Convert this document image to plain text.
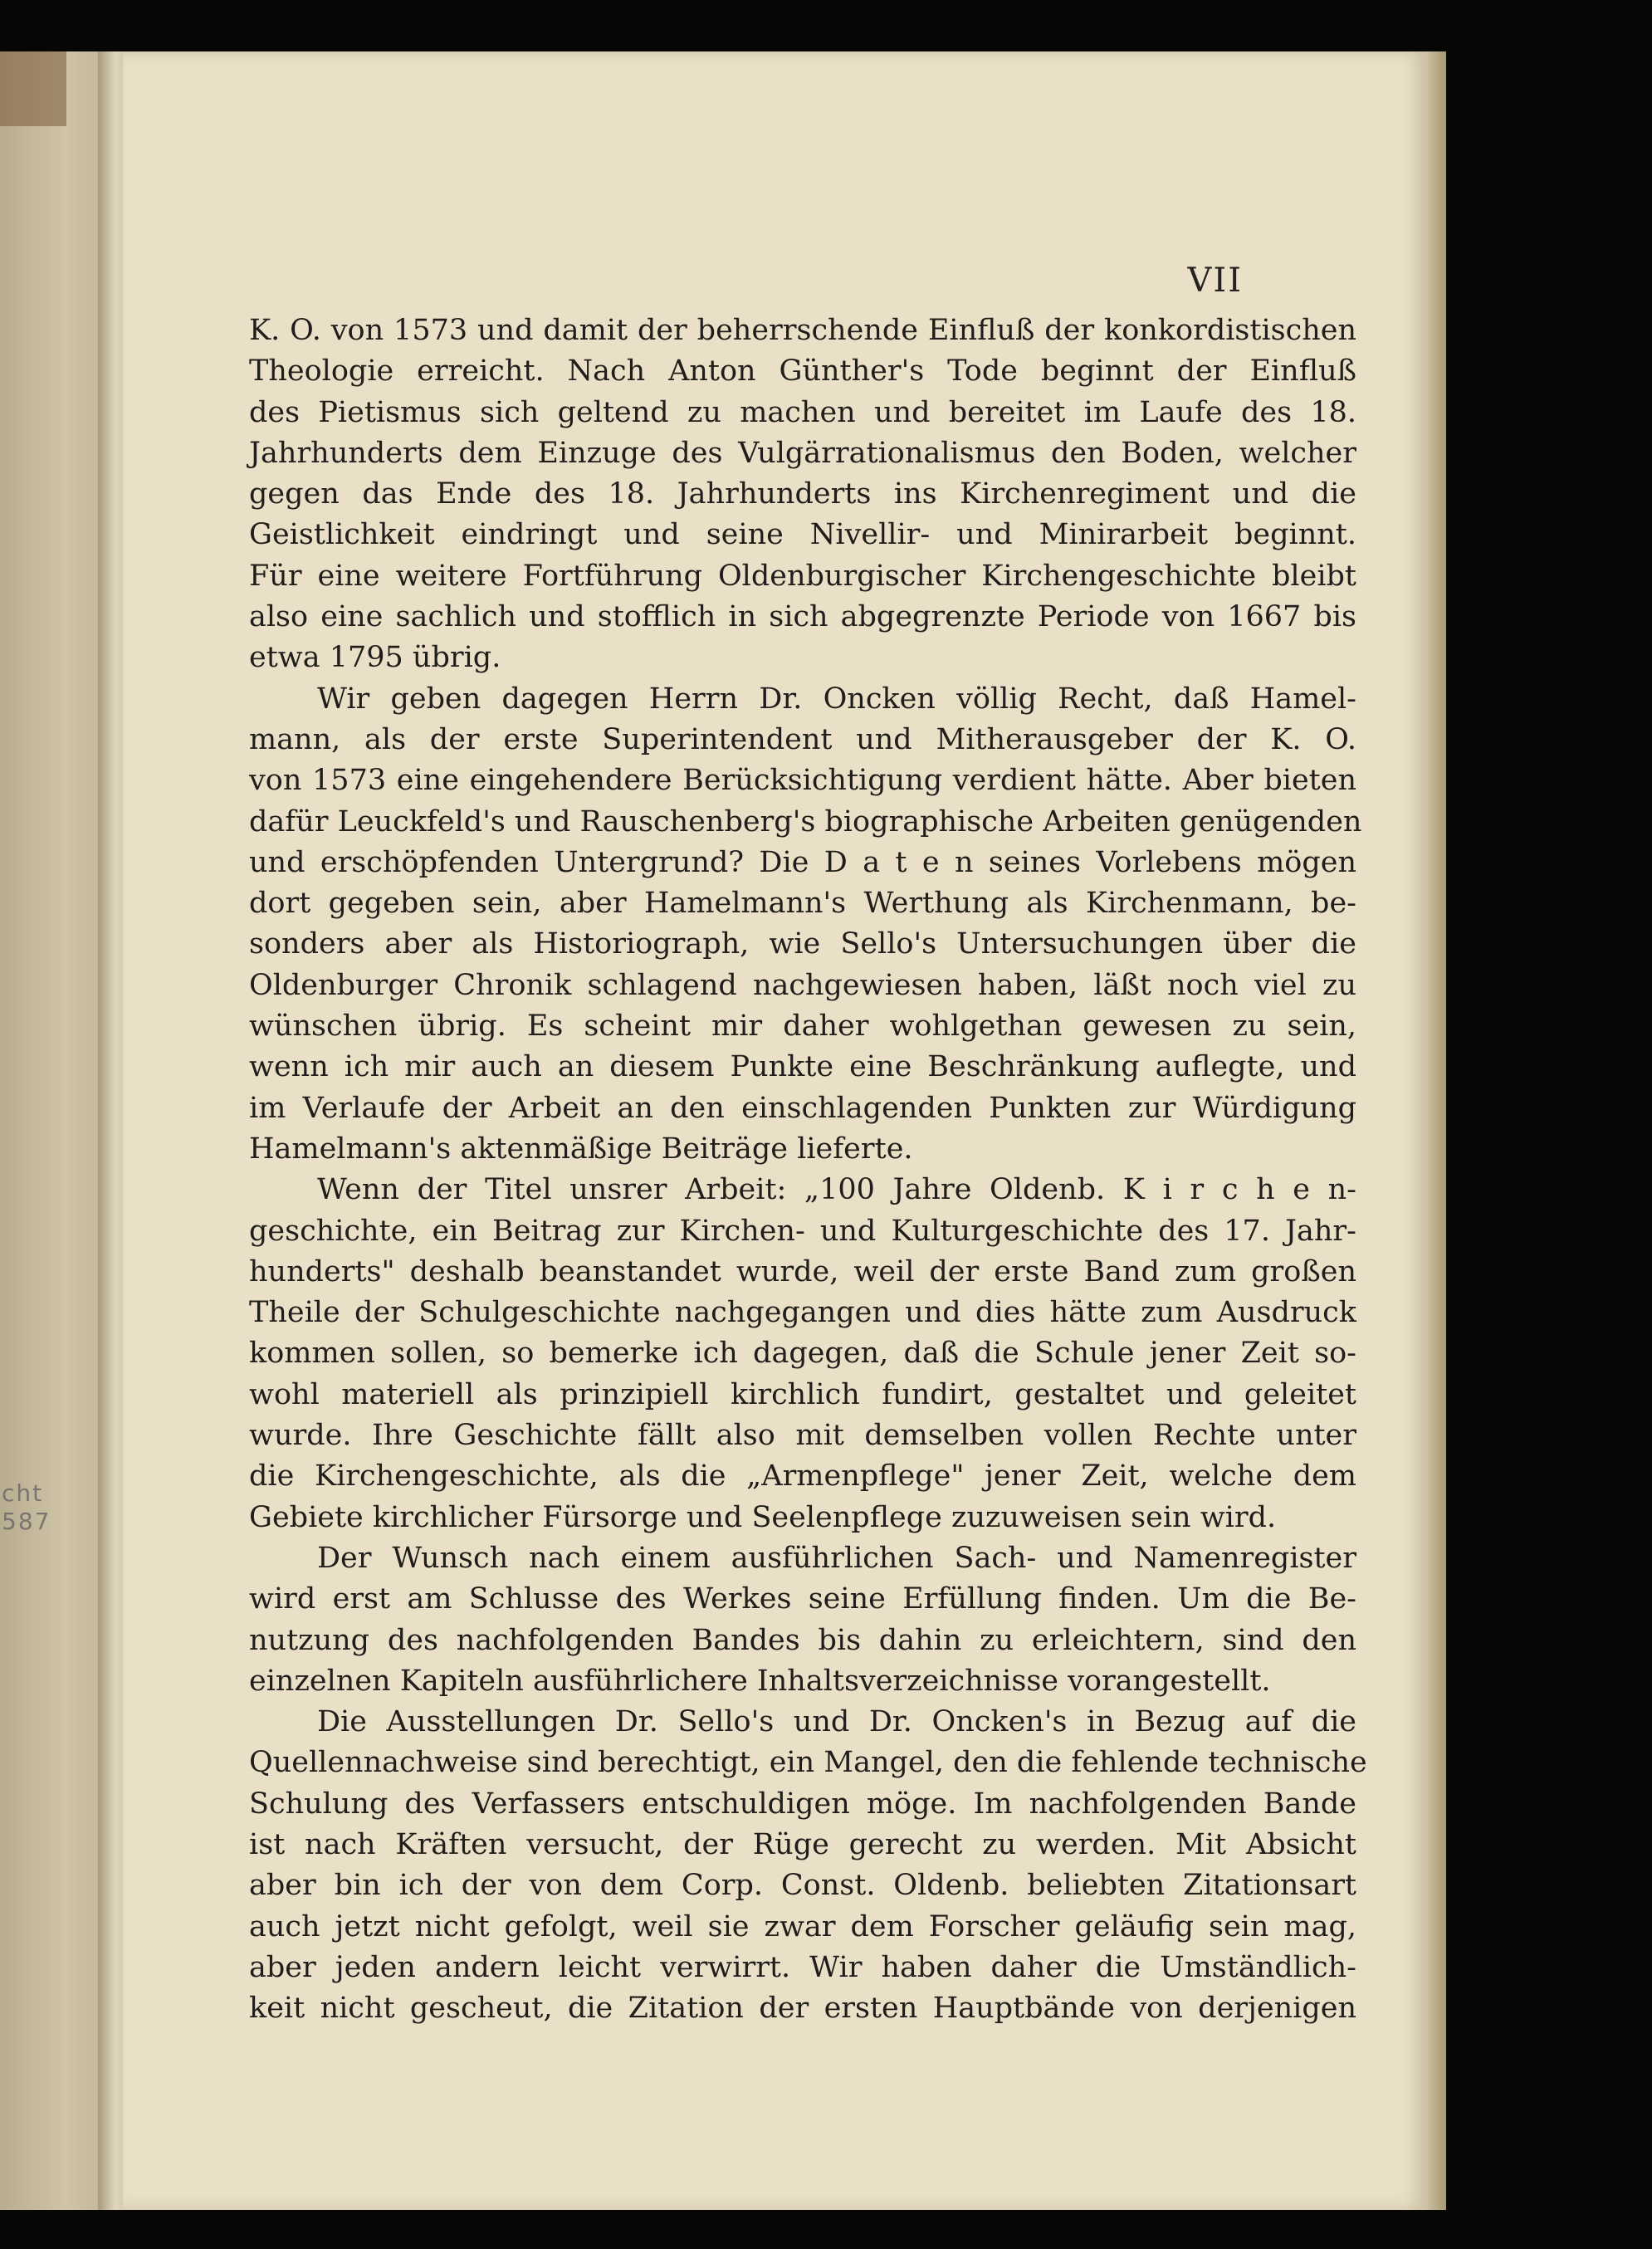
cht
587
VII
K. O. von 1573 und damit der beherrschende Einfluß der konkordistischen
Theologie erreicht. Nach Anton Günther's Tode beginnt der Einfluß
des Pietismus sich geltend zu machen und bereitet im Laufe des 18.
Jahrhunderts dem Einzuge des Vulgärrationalismus den Boden, welcher
gegen das Ende des 18. Jahrhunderts ins Kirchenregiment und die
Geistlichkeit eindringt und seine Nivellir- und Minirarbeit beginnt.
Für eine weitere Fortführung Oldenburgischer Kirchengeschichte bleibt
also eine sachlich und stofflich in sich abgegrenzte Periode von 1667 bis
etwa 1795 übrig.
Wir geben dagegen Herrn Dr. Oncken völlig Recht, daß Hamel-
mann, als der erste Superintendent und Mitherausgeber der K. O.
von 1573 eine eingehendere Berücksichtigung verdient hätte. Aber bieten
dafür Leuckfeld's und Rauschenberg's biographische Arbeiten genügenden
und erschöpfenden Untergrund? Die D a t e n seines Vorlebens mögen
dort gegeben sein, aber Hamelmann's Werthung als Kirchenmann, be-
sonders aber als Historiograph, wie Sello's Untersuchungen über die
Oldenburger Chronik schlagend nachgewiesen haben, läßt noch viel zu
wünschen übrig. Es scheint mir daher wohlgethan gewesen zu sein,
wenn ich mir auch an diesem Punkte eine Beschränkung auflegte, und
im Verlaufe der Arbeit an den einschlagenden Punkten zur Würdigung
Hamelmann's aktenmäßige Beiträge lieferte.
Wenn der Titel unsrer Arbeit: „100 Jahre Oldenb. K i r c h e n-
geschichte, ein Beitrag zur Kirchen- und Kulturgeschichte des 17. Jahr-
hunderts" deshalb beanstandet wurde, weil der erste Band zum großen
Theile der Schulgeschichte nachgegangen und dies hätte zum Ausdruck
kommen sollen, so bemerke ich dagegen, daß die Schule jener Zeit so-
wohl materiell als prinzipiell kirchlich fundirt, gestaltet und geleitet
wurde. Ihre Geschichte fällt also mit demselben vollen Rechte unter
die Kirchengeschichte, als die „Armenpflege" jener Zeit, welche dem
Gebiete kirchlicher Fürsorge und Seelenpflege zuzuweisen sein wird.
Der Wunsch nach einem ausführlichen Sach- und Namenregister
wird erst am Schlusse des Werkes seine Erfüllung finden. Um die Be-
nutzung des nachfolgenden Bandes bis dahin zu erleichtern, sind den
einzelnen Kapiteln ausführlichere Inhaltsverzeichnisse vorangestellt.
Die Ausstellungen Dr. Sello's und Dr. Oncken's in Bezug auf die
Quellennachweise sind berechtigt, ein Mangel, den die fehlende technische
Schulung des Verfassers entschuldigen möge. Im nachfolgenden Bande
ist nach Kräften versucht, der Rüge gerecht zu werden. Mit Absicht
aber bin ich der von dem Corp. Const. Oldenb. beliebten Zitationsart
auch jetzt nicht gefolgt, weil sie zwar dem Forscher geläufig sein mag,
aber jeden andern leicht verwirrt. Wir haben daher die Umständlich-
keit nicht gescheut, die Zitation der ersten Hauptbände von derjenigen
